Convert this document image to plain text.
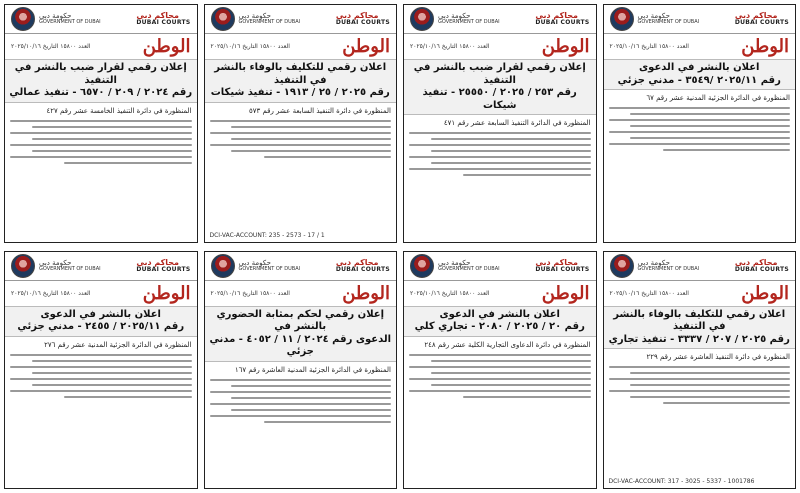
محاكم دبي
DUBAI COURTS
حكومة دبي
GOVERNMENT OF DUBAI
الوطن
العدد ١٥٨٠٠ التاريخ ٢٠٢٥/١٠/١٦
اعلان بالنشر في الدعوى
رقم ٢٠٢٥/١١ /٣٥٤٩ - مدني جزئي

المنظورة في الدائرة الجزئية المدنية عشر رقم ٦٧

محاكم دبي
DUBAI COURTS
حكومة دبي
GOVERNMENT OF DUBAI
الوطن
العدد ١٥٨٠٠ التاريخ ٢٠٢٥/١٠/١٦
إعلان رقمي لقرار ضبب بالنشر في التنفيذ
رقم ٢٥٣ / ٢٠٢٥ / ٢٥٥٥٠ - تنفيذ شيكات

المنظورة في الدائرة التنفيذ السابعة عشر رقم ٤٧١

محاكم دبي
DUBAI COURTS
حكومة دبي
GOVERNMENT OF DUBAI
الوطن
العدد ١٥٨٠٠ التاريخ ٢٠٢٥/١٠/١٦
اعلان رقمي للتكليف بالوفاء بالنشر في التنفيذ
رقم ٢٠٢٥ / ٢٥ / ١٩١٣ - تنفيذ شيكات

المنظورة في دائرة التنفيذ السابعة عشر رقم ٥٧٣

DCI-VAC-ACCOUNT: 235 - 2573 - 17 / 1
محاكم دبي
DUBAI COURTS
حكومة دبي
GOVERNMENT OF DUBAI
الوطن
العدد ١٥٨٠٠ التاريخ ٢٠٢٥/١٠/١٦
إعلان رقمي لقرار ضبب بالنشر في التنفيذ
رقم ٢٠٢٤ / ٢٠٩ / ٦٥٧٠ - تنفيذ عمالي

المنظورة في دائرة التنفيذ الخامسة عشر رقم ٤٢٧

محاكم دبي
DUBAI COURTS
حكومة دبي
GOVERNMENT OF DUBAI
الوطن
العدد ١٥٨٠٠ التاريخ ٢٠٢٥/١٠/١٦
اعلان رقمي للتكليف بالوفاء بالنشر في التنفيذ
رقم ٢٠٢٥ / ٢٠٧ / ٣٣٣٧ - تنفيذ تجاري

المنظورة في دائرة التنفيذ العاشرة عشر رقم ٢٢٩

DCI-VAC-ACCOUNT: 317 - 3025 - 5337 - 1001786
محاكم دبي
DUBAI COURTS
حكومة دبي
GOVERNMENT OF DUBAI
الوطن
العدد ١٥٨٠٠ التاريخ ٢٠٢٥/١٠/١٦
اعلان بالنشر في الدعوى
رقم ٢٠ / ٢٠٢٥ / ٢٠٨٠ - تجاري كلي

المنظورة في دائرة الدعاوى التجارية الكلية عشر رقم ٢٤٨

محاكم دبي
DUBAI COURTS
حكومة دبي
GOVERNMENT OF DUBAI
الوطن
العدد ١٥٨٠٠ التاريخ ٢٠٢٥/١٠/١٦
إعلان رقمي لحكم بمثابة الحضوري بالنشر في
الدعوى رقم ٢٠٢٤ / ١١ / ٤٠٥٢ - مدني جزئي

المنظورة في الدائرة الجزئية المدنية العاشرة رقم ١٦٧

محاكم دبي
DUBAI COURTS
حكومة دبي
GOVERNMENT OF DUBAI
الوطن
العدد ١٥٨٠٠ التاريخ ٢٠٢٥/١٠/١٦
اعلان بالنشر في الدعوى
رقم ٢٠٢٥/١١ / ٢٤٥٥ - مدني جزئي

المنظورة في الدائرة الجزئية المدنية عشر رقم ٢٧٦
